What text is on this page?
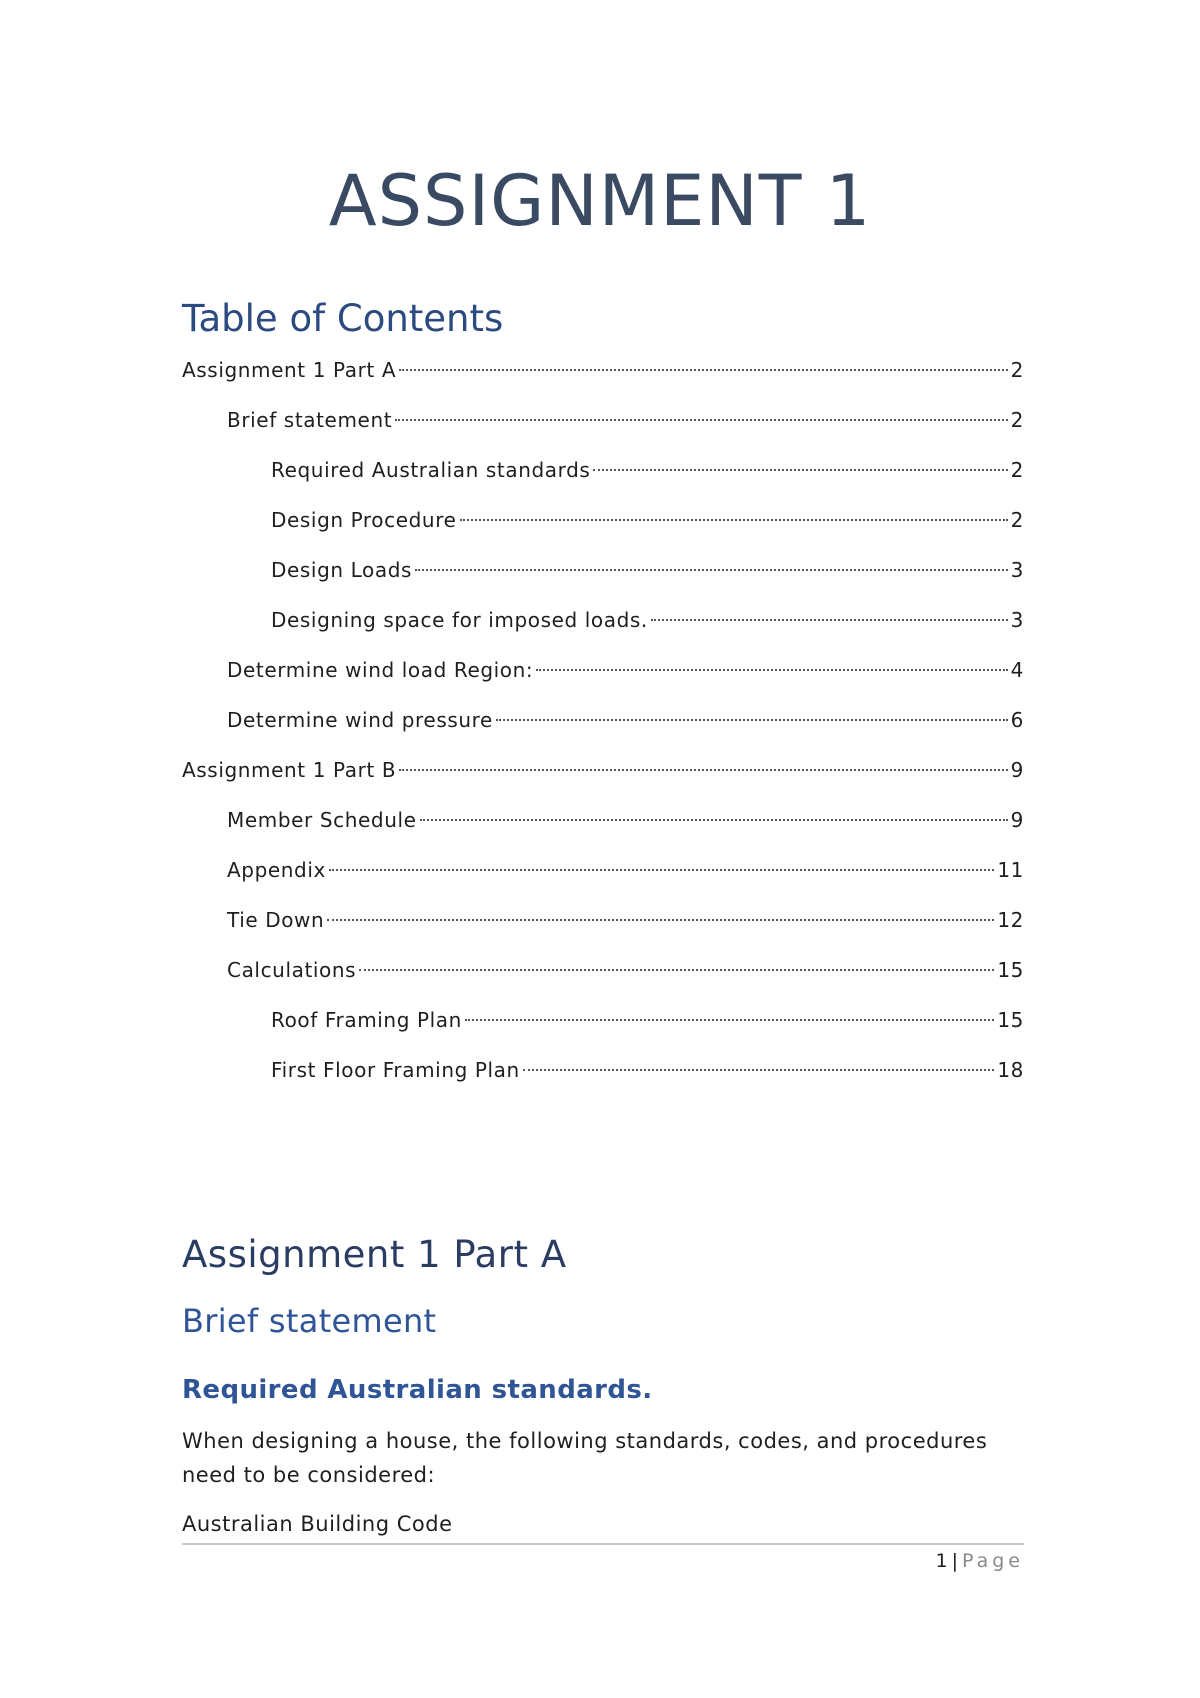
ASSIGNMENT 1
Table of Contents
Assignment 1 Part A	2
Brief statement	2
Required Australian standards	2
Design Procedure	2
Design Loads	3
Designing space for imposed loads.	3
Determine wind load Region:	4
Determine wind pressure	6
Assignment 1 Part B	9
Member Schedule	9
Appendix	11
Tie Down	12
Calculations	15
Roof Framing Plan	15
First Floor Framing Plan	18
Assignment 1 Part A
Brief statement
Required Australian standards.
When designing a house, the following standards, codes, and procedures need to be considered:
Australian Building Code
1 | Page
